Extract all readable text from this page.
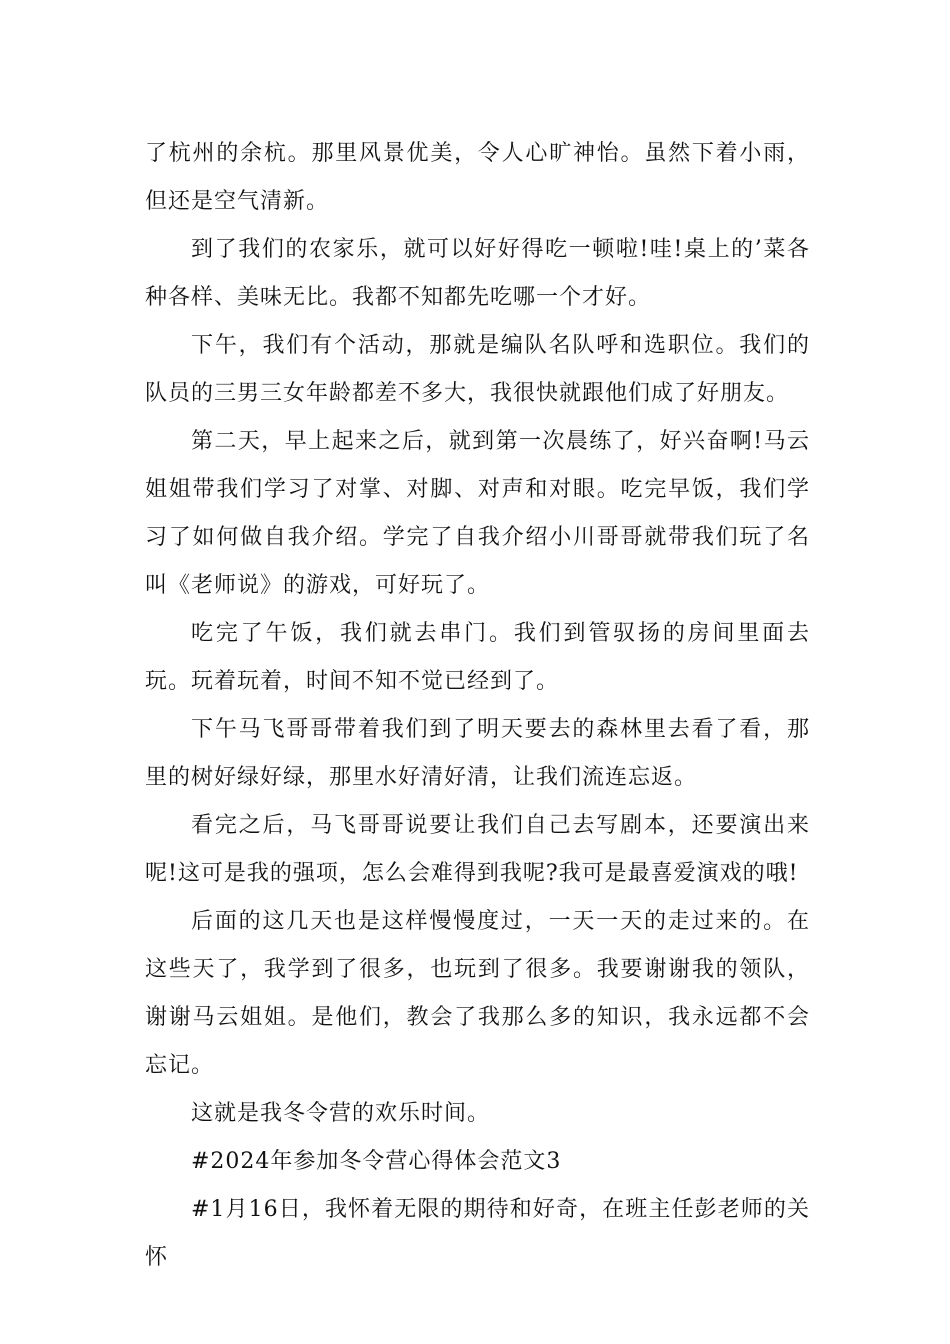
了杭州的余杭。那里风景优美，令人心旷神怡。虽然下着小雨，但还是空气清新。

到了我们的农家乐，就可以好好得吃一顿啦!哇!桌上的’菜各种各样、美味无比。我都不知都先吃哪一个才好。

下午，我们有个活动，那就是编队名队呼和选职位。我们的队员的三男三女年龄都差不多大，我很快就跟他们成了好朋友。

第二天，早上起来之后，就到第一次晨练了，好兴奋啊!马云姐姐带我们学习了对掌、对脚、对声和对眼。吃完早饭，我们学习了如何做自我介绍。学完了自我介绍小川哥哥就带我们玩了名叫《老师说》的游戏，可好玩了。

吃完了午饭，我们就去串门。我们到管驭扬的房间里面去玩。玩着玩着，时间不知不觉已经到了。

下午马飞哥哥带着我们到了明天要去的森林里去看了看，那里的树好绿好绿，那里水好清好清，让我们流连忘返。

看完之后，马飞哥哥说要让我们自己去写剧本，还要演出来呢!这可是我的强项，怎么会难得到我呢?我可是最喜爱演戏的哦!

后面的这几天也是这样慢慢度过，一天一天的走过来的。在这些天了，我学到了很多，也玩到了很多。我要谢谢我的领队，谢谢马云姐姐。是他们，教会了我那么多的知识，我永远都不会忘记。

这就是我冬令营的欢乐时间。

#2024年参加冬令营心得体会范文3

#1月16日，我怀着无限的期待和好奇，在班主任彭老师的关怀
